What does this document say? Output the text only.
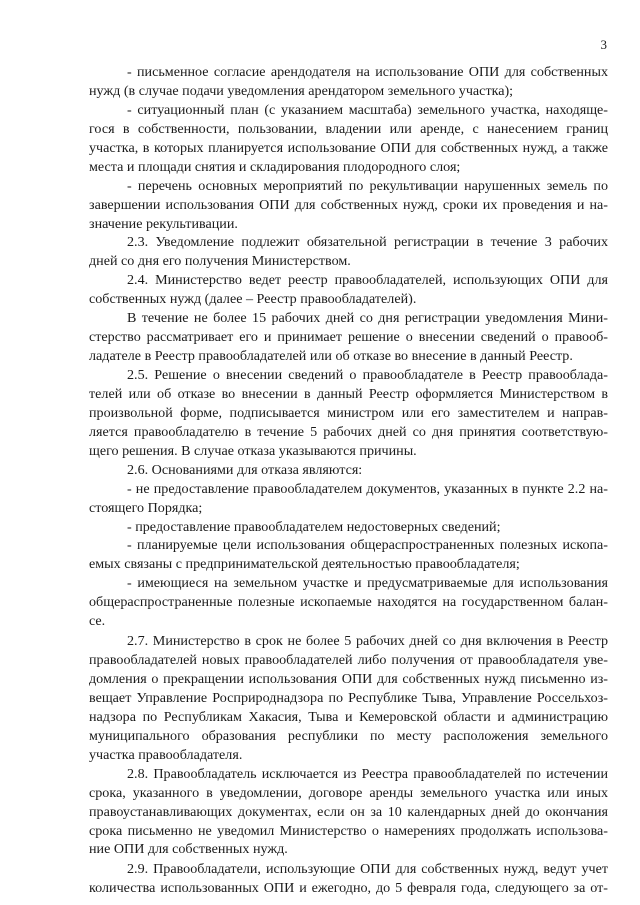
3
- письменное согласие арендодателя на использование ОПИ для собственных
нужд (в случае подачи уведомления арендатором земельного участка);
- ситуационный план (с указанием масштаба) земельного участка, находяще-
гося в собственности, пользовании, владении или аренде, с нанесением границ
участка, в которых планируется использование ОПИ для собственных нужд, а также
места и площади снятия и складирования плодородного слоя;
- перечень основных мероприятий по рекультивации нарушенных земель по
завершении использования ОПИ для собственных нужд, сроки их проведения и на-
значение рекультивации.
2.3. Уведомление подлежит обязательной регистрации в течение 3 рабочих
дней со дня его получения Министерством.
2.4. Министерство ведет реестр правообладателей, использующих ОПИ для
собственных нужд (далее – Реестр правообладателей).
В течение не более 15 рабочих дней со дня регистрации уведомления Мини-
стерство рассматривает его и принимает решение о внесении сведений о правооб-
ладателе в Реестр правообладателей или об отказе во внесение в данный Реестр.
2.5. Решение о внесении сведений о правообладателе в Реестр правооблада-
телей или об отказе во внесении в данный Реестр оформляется Министерством в
произвольной форме, подписывается министром или его заместителем и направ-
ляется правообладателю в течение 5 рабочих дней со дня принятия соответствую-
щего решения. В случае отказа указываются причины.
2.6. Основаниями для отказа являются:
- не предоставление правообладателем документов, указанных в пункте 2.2 на-
стоящего Порядка;
- предоставление правообладателем недостоверных сведений;
- планируемые цели использования общераспространенных полезных ископа-
емых связаны с предпринимательской деятельностью правообладателя;
- имеющиеся на земельном участке и предусматриваемые для использования
общераспространенные полезные ископаемые находятся на государственном балан-
се.
2.7. Министерство в срок не более 5 рабочих дней со дня включения в Реестр
правообладателей новых правообладателей либо получения от правообладателя уве-
домления о прекращении использования ОПИ для собственных нужд письменно из-
вещает Управление Росприроднадзора по Республике Тыва, Управление Россельхоз-
надзора по Республикам Хакасия, Тыва и Кемеровской области и администрацию
муниципального образования республики по месту расположения земельного
участка правообладателя.
2.8. Правообладатель исключается из Реестра правообладателей по истечении
срока, указанного в уведомлении, договоре аренды земельного участка или иных
правоустанавливающих документах, если он за 10 календарных дней до окончания
срока письменно не уведомил Министерство о намерениях продолжать использова-
ние ОПИ для собственных нужд.
2.9. Правообладатели, использующие ОПИ для собственных нужд, ведут учет
количества использованных ОПИ и ежегодно, до 5 февраля года, следующего за от-
